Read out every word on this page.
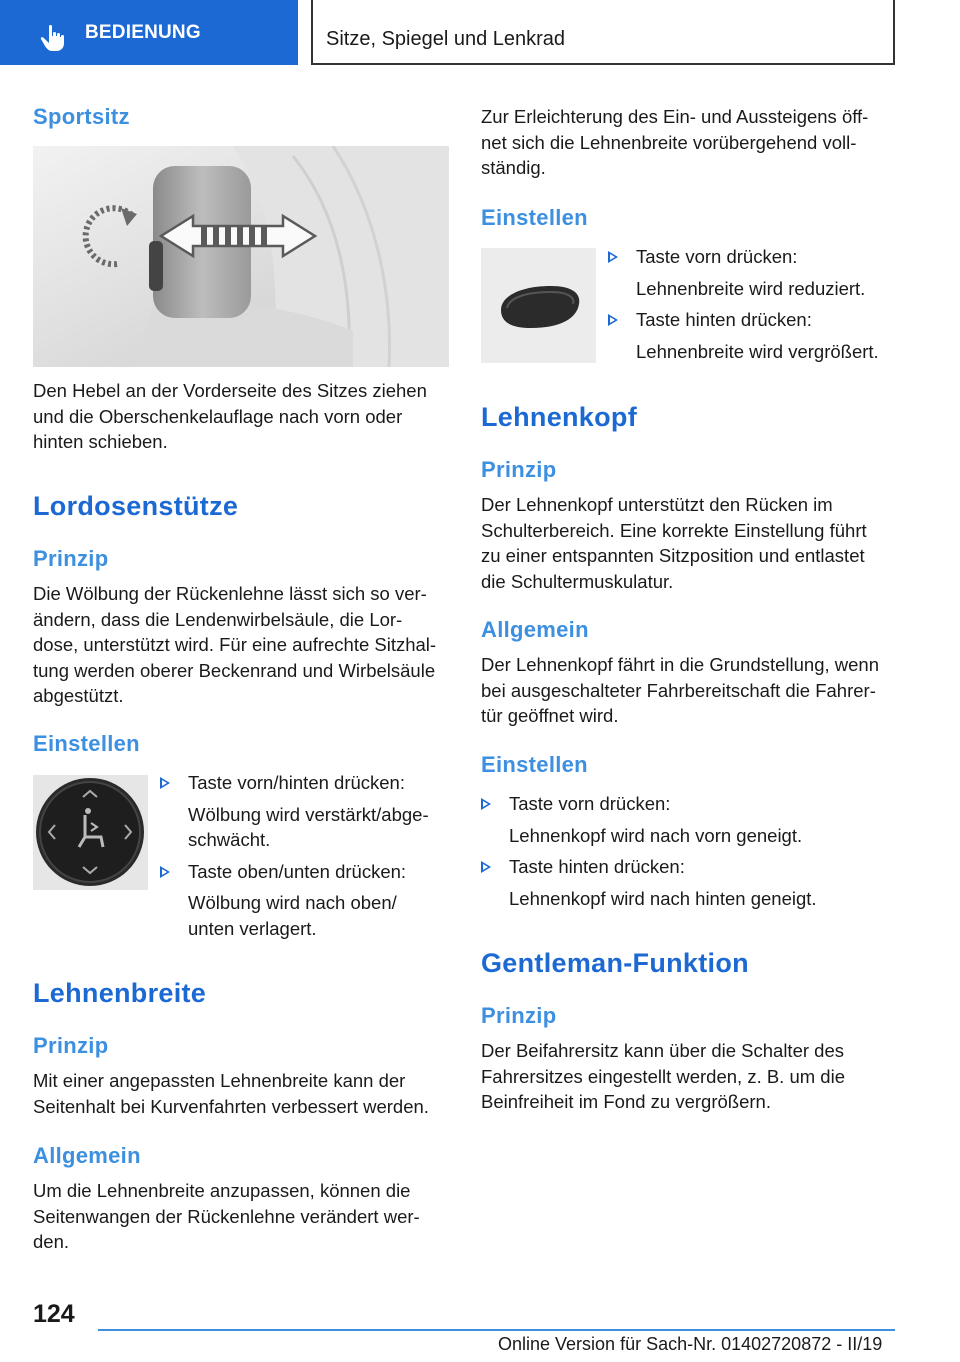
BEDIENUNG	Sitze, Spiegel und Lenkrad
Sportsitz
Den Hebel an der Vorderseite des Sitzes ziehen
und die Oberschenkelauflage nach vorn oder
hinten schieben.
Lordosenstütze
Prinzip
Die Wölbung der Rückenlehne lässt sich so ver-
ändern, dass die Lendenwirbelsäule, die Lor-
dose, unterstützt wird. Für eine aufrechte Sitzhal-
tung werden oberer Beckenrand und Wirbelsäule
abgestützt.
Einstellen
Taste vorn/hinten drücken:
Wölbung wird verstärkt/abge-
schwächt.
Taste oben/unten drücken:
Wölbung wird nach oben/
unten verlagert.
Lehnenbreite
Prinzip
Mit einer angepassten Lehnenbreite kann der
Seitenhalt bei Kurvenfahrten verbessert werden.
Allgemein
Um die Lehnenbreite anzupassen, können die
Seitenwangen der Rückenlehne verändert wer-
den.
Zur Erleichterung des Ein- und Aussteigens öff-
net sich die Lehnenbreite vorübergehend voll-
ständig.
Einstellen
Taste vorn drücken:
Lehnenbreite wird reduziert.
Taste hinten drücken:
Lehnenbreite wird vergrößert.
Lehnenkopf
Prinzip
Der Lehnenkopf unterstützt den Rücken im
Schulterbereich. Eine korrekte Einstellung führt
zu einer entspannten Sitzposition und entlastet
die Schultermuskulatur.
Allgemein
Der Lehnenkopf fährt in die Grundstellung, wenn
bei ausgeschalteter Fahrbereitschaft die Fahrer-
tür geöffnet wird.
Einstellen
Taste vorn drücken:
Lehnenkopf wird nach vorn geneigt.
Taste hinten drücken:
Lehnenkopf wird nach hinten geneigt.
Gentleman-Funktion
Prinzip
Der Beifahrersitz kann über die Schalter des
Fahrersitzes eingestellt werden, z. B. um die
Beinfreiheit im Fond zu vergrößern.
124
Online Version für Sach-Nr. 01402720872 - II/19
